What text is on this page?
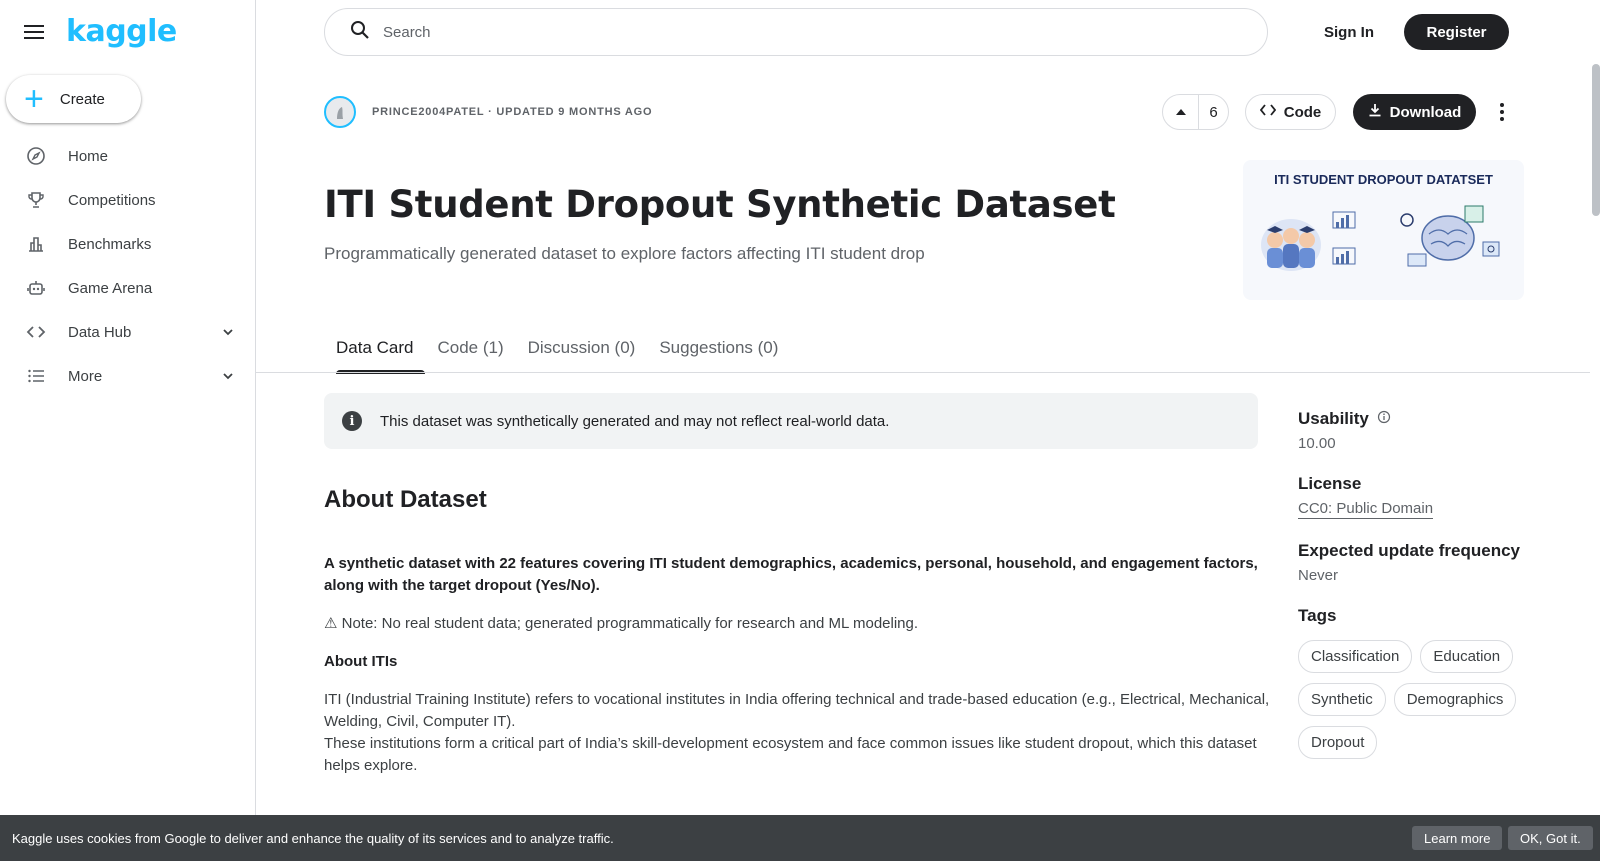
kaggle
+ Create
Home
Competitions
Benchmarks
Game Arena
Data Hub
More
Search
Sign In	Register
PRINCE2004PATEL · UPDATED 9 MONTHS AGO	6	Code	Download
ITI Student Dropout Synthetic Dataset
Programmatically generated dataset to explore factors affecting ITI student drop
ITI STUDENT DROPOUT DATATSET
Data Card	Code (1)	Discussion (0)	Suggestions (0)
i	This dataset was synthetically generated and may not reflect real-world data.
About Dataset

A synthetic dataset with 22 features covering ITI student demographics, academics, personal, household, and engagement factors, along with the target dropout (Yes/No).

⚠ Note: No real student data; generated programmatically for research and ML modeling.

About ITIs

ITI (Industrial Training Institute) refers to vocational institutes in India offering technical and trade-based education (e.g., Electrical, Mechanical, Welding, Civil, Computer IT).

These institutions form a critical part of India’s skill-development ecosystem and face common issues like student dropout, which this dataset helps explore.

Usability
10.00
License
CC0: Public Domain
Expected update frequency
Never
Tags
Classification	Education
Synthetic	Demographics
Dropout
Kaggle uses cookies from Google to deliver and enhance the quality of its services and to analyze traffic.	Learn more	OK, Got it.
